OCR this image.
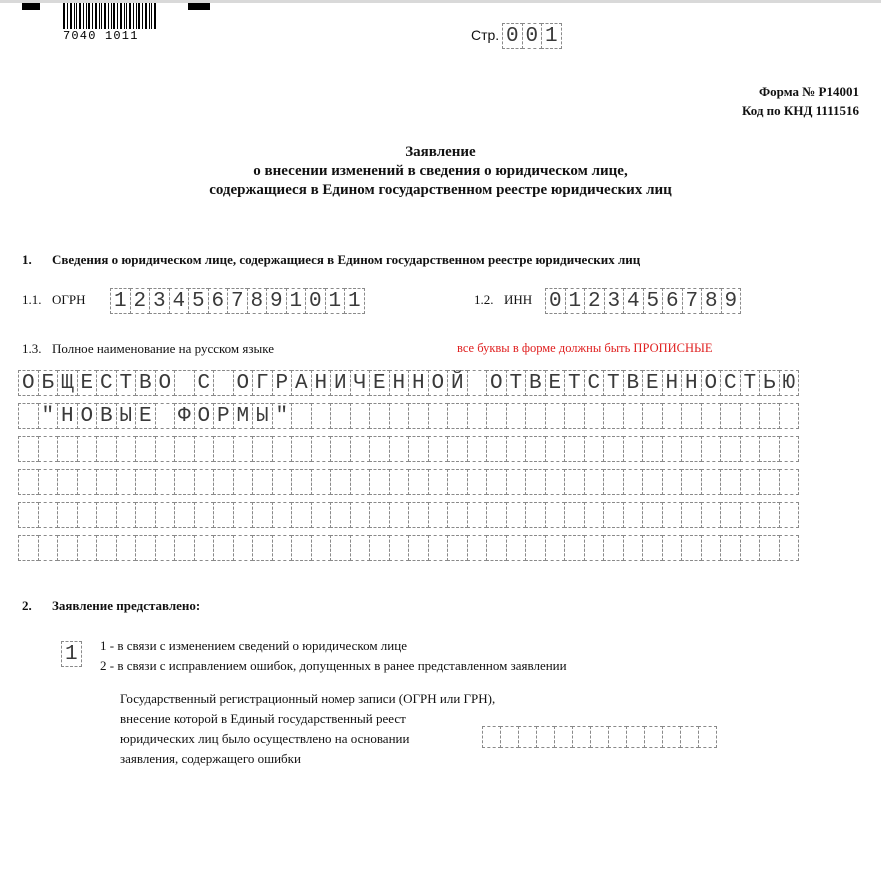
7040 1011	Стр. 0 0 1
Форма № Р14001
Код по КНД 1111516
Заявление
о внесении изменений в сведения о юридическом лице,
содержащиеся в Едином государственном реестре юридических лиц
1. Сведения о юридическом лице, содержащиеся в Едином государственном реестре юридических лиц
1.1. ОГРН 1 2 3 4 5 6 7 8 9 1 0 1 1	1.2. ИНН 0 1 2 3 4 5 6 7 8 9
1.3. Полное наименование на русском языке	все буквы в форме должны быть ПРОПИСНЫЕ
О Б Щ Е С Т В О С О Г Р А Н И Ч Е Н Н О Й О Т В Е Т С Т В Е Н Н О С Т Ь Ю
" Н О В Ы Е Ф О Р М Ы "
2. Заявление представлено:
1	1 - в связи с изменением сведений о юридическом лице
2 - в связи с исправлением ошибок, допущенных в ранее представленном заявлении
Государственный регистрационный номер записи (ОГРН или ГРН),
внесение которой в Единый государственный реест
юридических лиц было осуществлено на основании
заявления, содержащего ошибки
